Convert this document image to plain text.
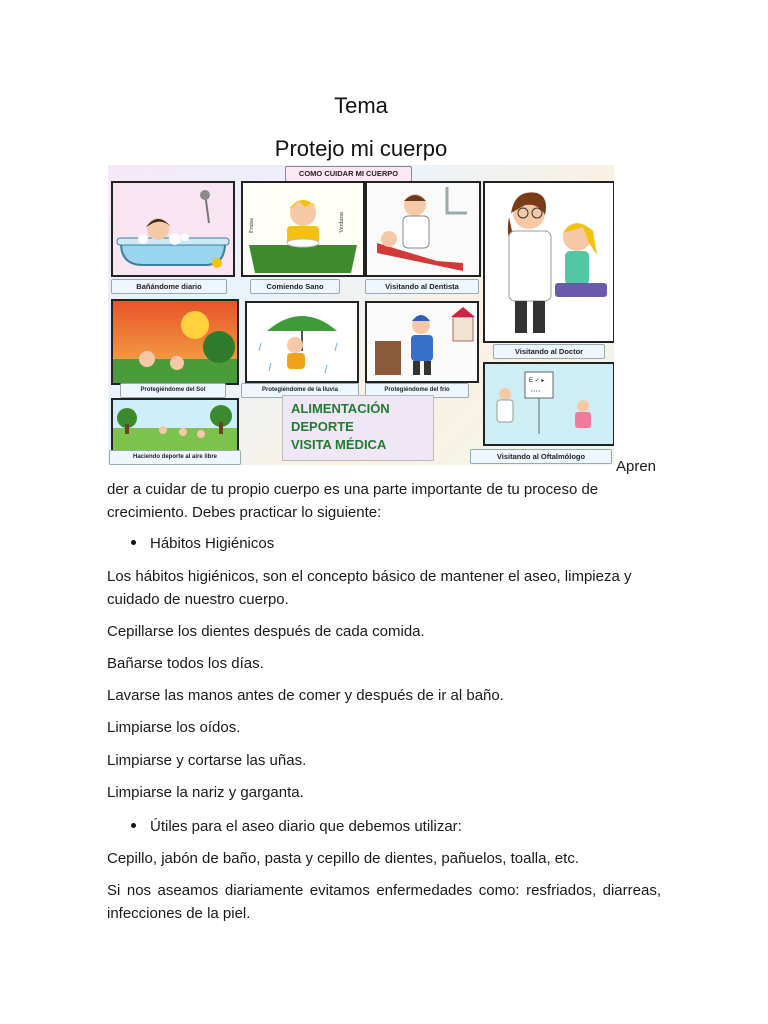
Tema
Protejo mi cuerpo
COMO CUIDAR MI CUERPO
Bañándome diario
Frutas	Verduras
Comiendo Sano	Visitando al Dentista
Visitando al Doctor
Protegiéndome del Sol	Protegiéndome de la lluvia	Protegiéndome del frío
Haciendo deporte al aire libre
ALIMENTACIÓN
DEPORTE
VISITA MÉDICA
E ✓ ▸
• • • •
Visitando al Oftalmólogo
Apren

der a cuidar de tu propio cuerpo es una parte importante de tu proceso de crecimiento. Debes practicar lo siguiente:

Hábitos Higiénicos

Los hábitos higiénicos, son el concepto básico de mantener el aseo, limpieza y cuidado de nuestro cuerpo.

Cepillarse los dientes después de cada comida.

Bañarse todos los días.

Lavarse las manos antes de comer y después de ir al baño.

Limpiarse los oídos.

Limpiarse y cortarse las uñas.

Limpiarse la nariz y garganta.

Útiles para el aseo diario que debemos utilizar:

Cepillo, jabón de baño, pasta y cepillo de dientes, pañuelos, toalla, etc.

Si nos aseamos diariamente evitamos enfermedades como: resfriados, diarreas, infecciones de la piel.
